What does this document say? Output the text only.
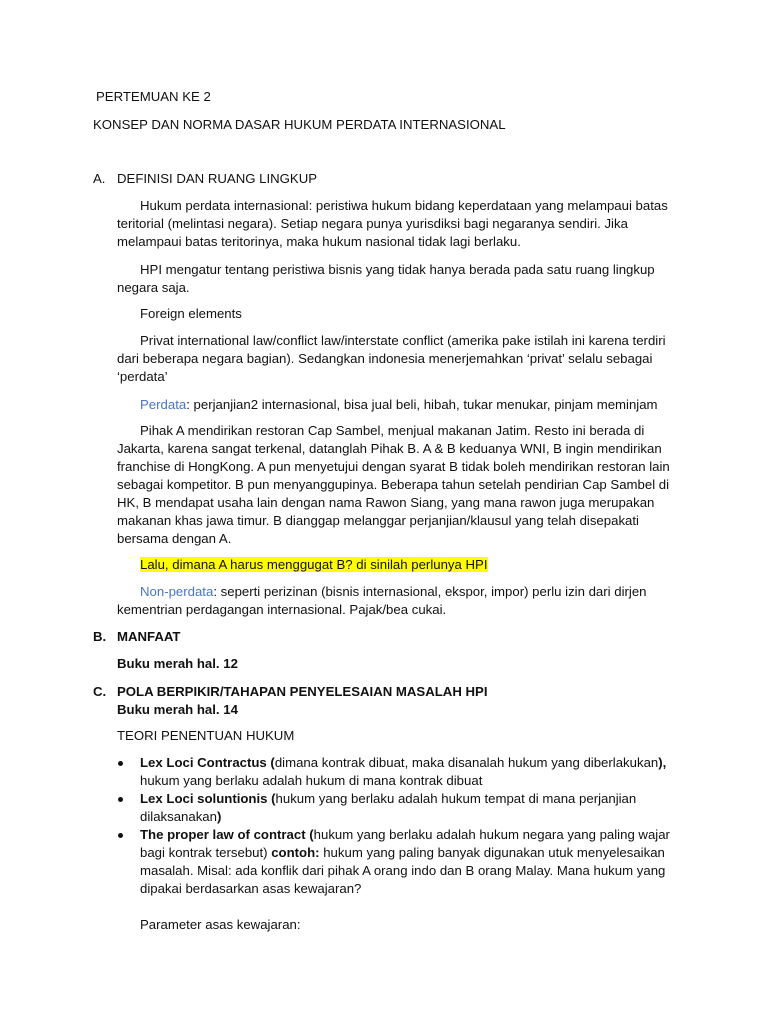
PERTEMUAN KE 2
KONSEP DAN NORMA DASAR HUKUM PERDATA INTERNASIONAL
A. DEFINISI DAN RUANG LINGKUP
Hukum perdata internasional: peristiwa hukum bidang keperdataan yang melampaui batas
teritorial (melintasi negara). Setiap negara punya yurisdiksi bagi negaranya sendiri. Jika
melampaui batas teritorinya, maka hukum nasional tidak lagi berlaku.
HPI mengatur tentang peristiwa bisnis yang tidak hanya berada pada satu ruang lingkup
negara saja.
Foreign elements
Privat international law/conflict law/interstate conflict (amerika pake istilah ini karena terdiri
dari beberapa negara bagian). Sedangkan indonesia menerjemahkan ‘privat’ selalu sebagai
‘perdata’
Perdata: perjanjian2 internasional, bisa jual beli, hibah, tukar menukar, pinjam meminjam
Pihak A mendirikan restoran Cap Sambel, menjual makanan Jatim. Resto ini berada di
Jakarta, karena sangat terkenal, datanglah Pihak B. A & B keduanya WNI, B ingin mendirikan
franchise di HongKong. A pun menyetujui dengan syarat B tidak boleh mendirikan restoran lain
sebagai kompetitor. B pun menyanggupinya. Beberapa tahun setelah pendirian Cap Sambel di
HK, B mendapat usaha lain dengan nama Rawon Siang, yang mana rawon juga merupakan
makanan khas jawa timur. B dianggap melanggar perjanjian/klausul yang telah disepakati
bersama dengan A.
Lalu, dimana A harus menggugat B? di sinilah perlunya HPI
Non-perdata: seperti perizinan (bisnis internasional, ekspor, impor) perlu izin dari dirjen
kementrian perdagangan internasional. Pajak/bea cukai.
B. MANFAAT
Buku merah hal. 12
C. POLA BERPIKIR/TAHAPAN PENYELESAIAN MASALAH HPI
Buku merah hal. 14
TEORI PENENTUAN HUKUM
Lex Loci Contractus (dimana kontrak dibuat, maka disanalah hukum yang diberlakukan),
hukum yang berlaku adalah hukum di mana kontrak dibuat
Lex Loci soluntionis (hukum yang berlaku adalah hukum tempat di mana perjanjian
dilaksanakan)
The proper law of contract (hukum yang berlaku adalah hukum negara yang paling wajar
bagi kontrak tersebut) contoh: hukum yang paling banyak digunakan utuk menyelesaikan
masalah. Misal: ada konflik dari pihak A orang indo dan B orang Malay. Mana hukum yang
dipakai berdasarkan asas kewajaran?
Parameter asas kewajaran:
